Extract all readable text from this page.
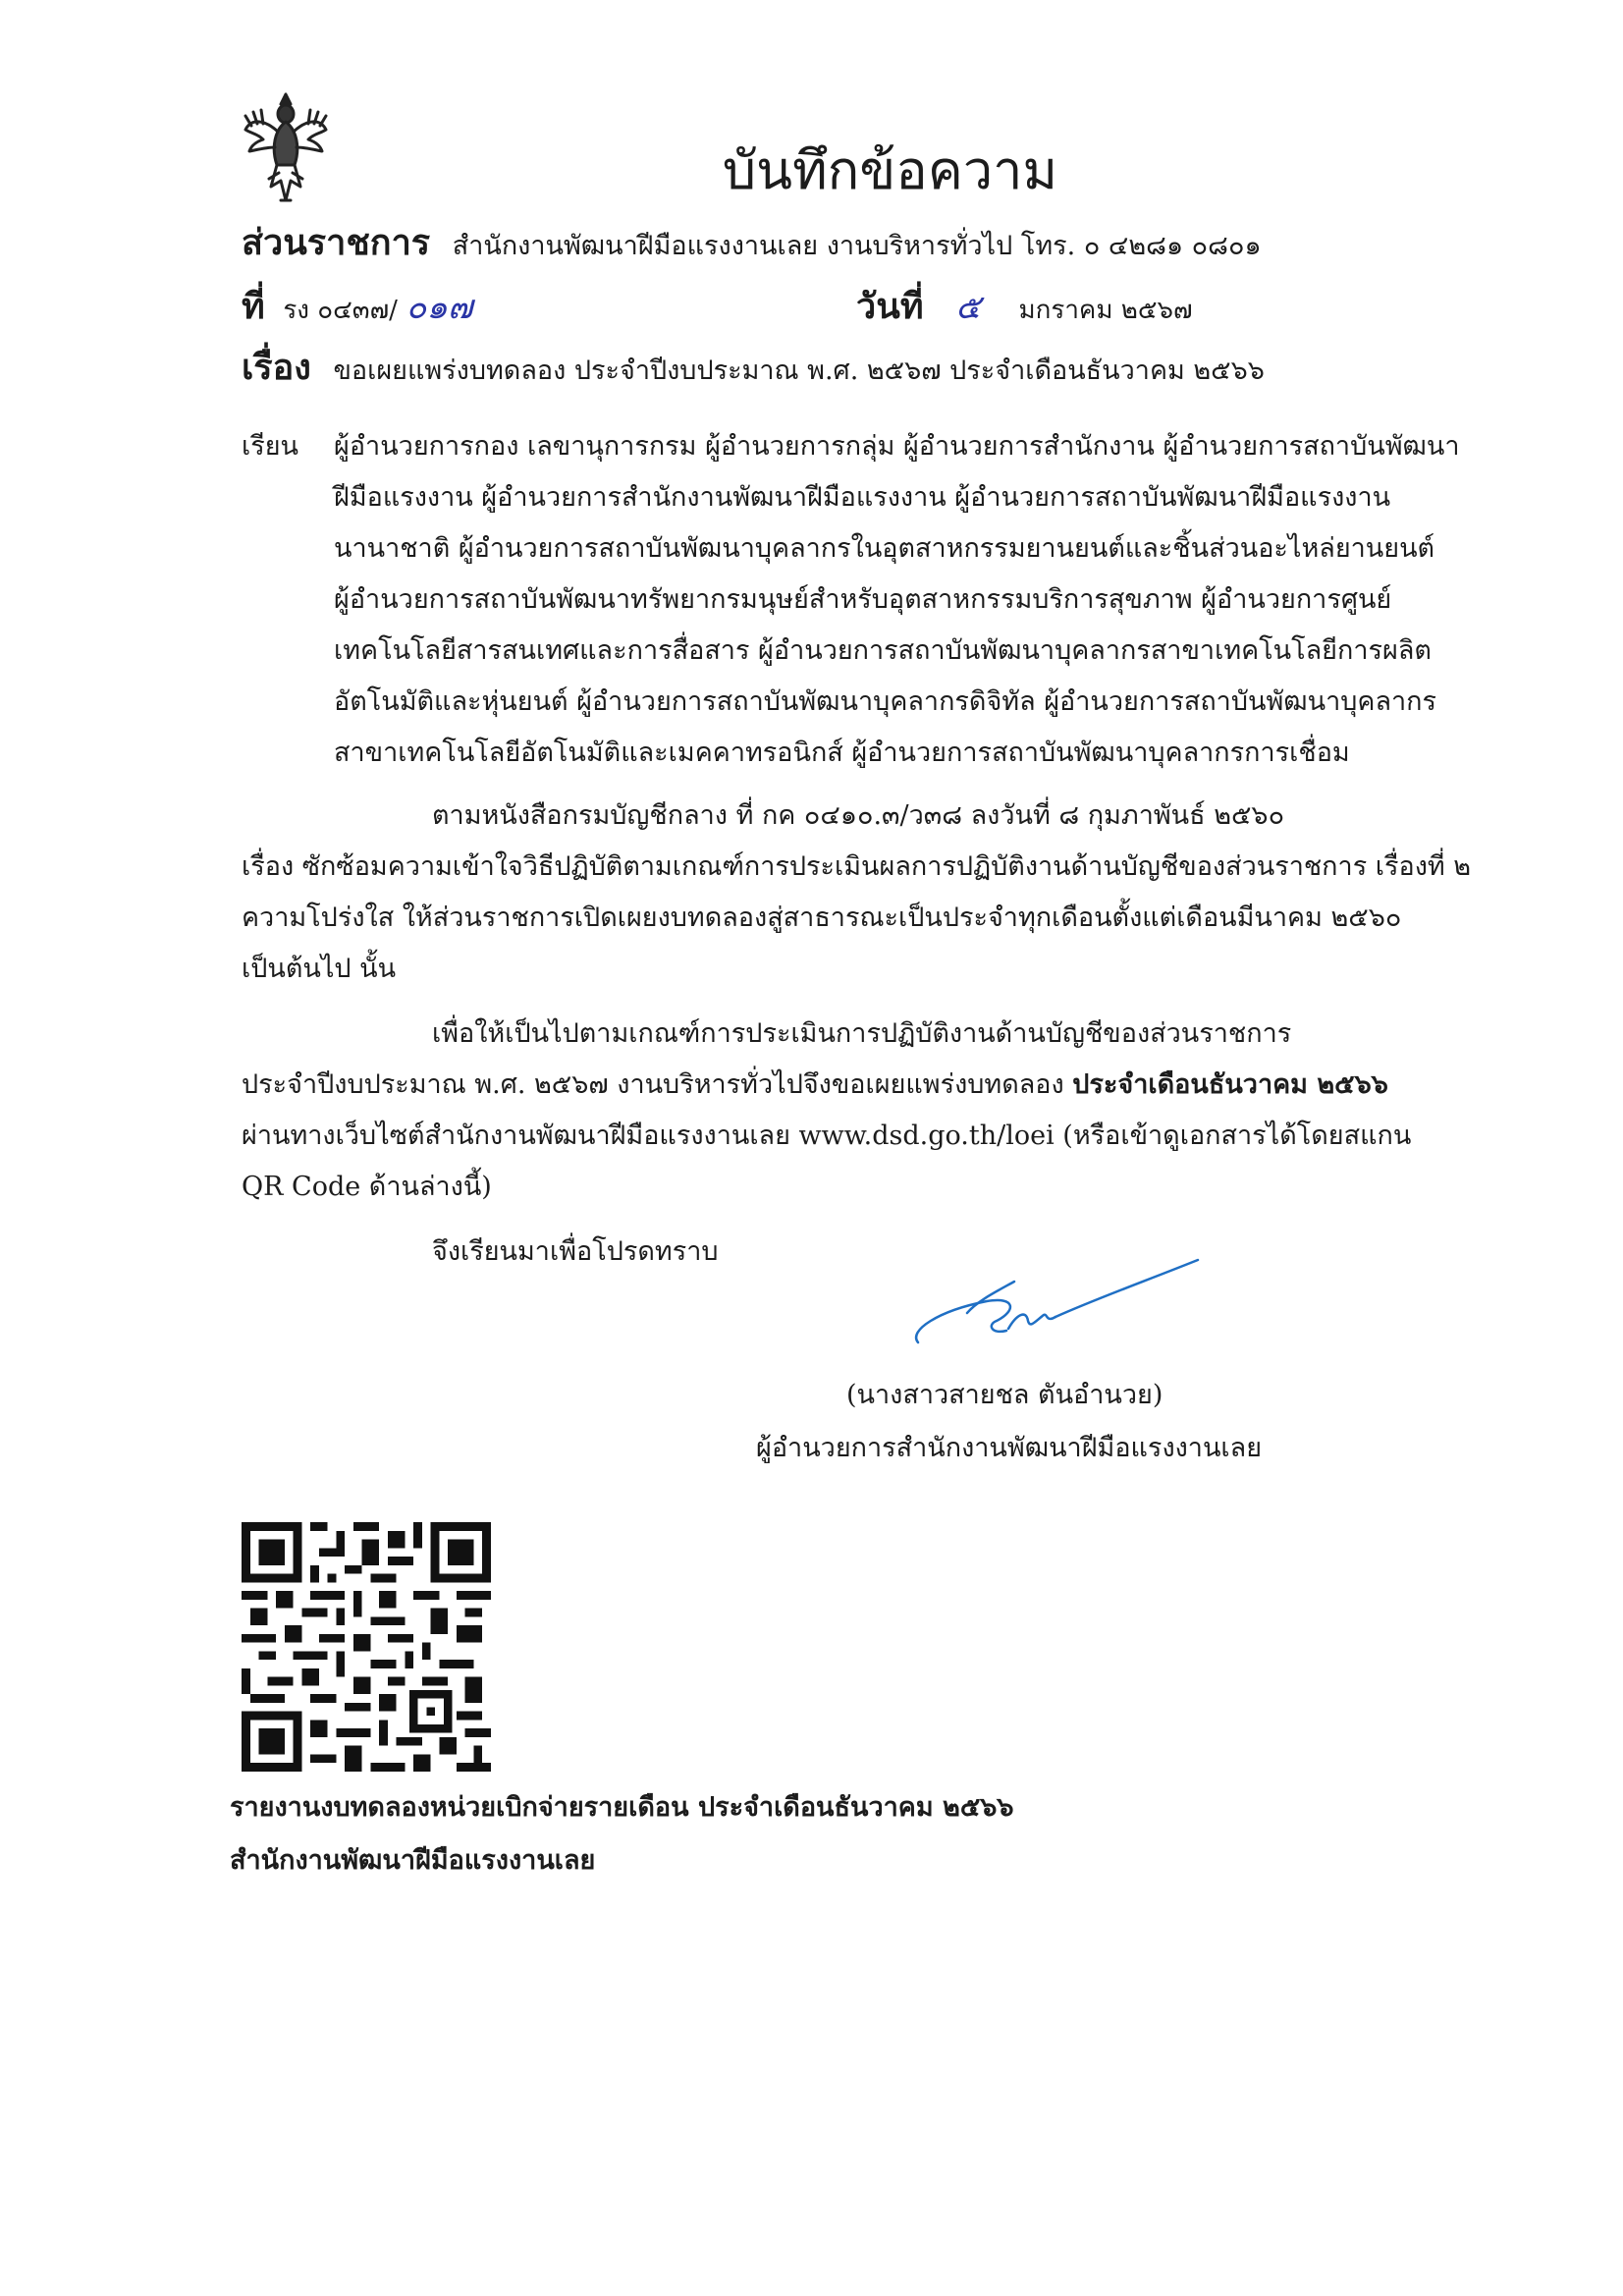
บันทึกข้อความ
ส่วนราชการ สำนักงานพัฒนาฝีมือแรงงานเลย งานบริหารทั่วไป โทร. ๐ ๔๒๘๑ ๐๘๐๑
ที่ รง ๐๔๓๗/ ๐๑๗	วันที่ ๕ มกราคม ๒๕๖๗
เรื่อง ขอเผยแพร่งบทดลอง ประจำปีงบประมาณ พ.ศ. ๒๕๖๗ ประจำเดือนธันวาคม ๒๕๖๖
เรียน ผู้อำนวยการกอง เลขานุการกรม ผู้อำนวยการกลุ่ม ผู้อำนวยการสำนักงาน ผู้อำนวยการสถาบันพัฒนา
ฝีมือแรงงาน ผู้อำนวยการสำนักงานพัฒนาฝีมือแรงงาน ผู้อำนวยการสถาบันพัฒนาฝีมือแรงงาน
นานาชาติ ผู้อำนวยการสถาบันพัฒนาบุคลากรในอุตสาหกรรมยานยนต์และชิ้นส่วนอะไหล่ยานยนต์
ผู้อำนวยการสถาบันพัฒนาทรัพยากรมนุษย์สำหรับอุตสาหกรรมบริการสุขภาพ ผู้อำนวยการศูนย์
เทคโนโลยีสารสนเทศและการสื่อสาร ผู้อำนวยการสถาบันพัฒนาบุคลากรสาขาเทคโนโลยีการผลิต
อัตโนมัติและหุ่นยนต์ ผู้อำนวยการสถาบันพัฒนาบุคลากรดิจิทัล ผู้อำนวยการสถาบันพัฒนาบุคลากร
สาขาเทคโนโลยีอัตโนมัติและเมคคาทรอนิกส์ ผู้อำนวยการสถาบันพัฒนาบุคลากรการเชื่อม
ตามหนังสือกรมบัญชีกลาง ที่ กค ๐๔๑๐.๓/ว๓๘ ลงวันที่ ๘ กุมภาพันธ์ ๒๕๖๐
เรื่อง ซักซ้อมความเข้าใจวิธีปฏิบัติตามเกณฑ์การประเมินผลการปฏิบัติงานด้านบัญชีของส่วนราชการ เรื่องที่ ๒
ความโปร่งใส ให้ส่วนราชการเปิดเผยงบทดลองสู่สาธารณะเป็นประจำทุกเดือนตั้งแต่เดือนมีนาคม ๒๕๖๐
เป็นต้นไป นั้น
เพื่อให้เป็นไปตามเกณฑ์การประเมินการปฏิบัติงานด้านบัญชีของส่วนราชการ
ประจำปีงบประมาณ พ.ศ. ๒๕๖๗ งานบริหารทั่วไปจึงขอเผยแพร่งบทดลอง ประจำเดือนธันวาคม ๒๕๖๖
ผ่านทางเว็บไซต์สำนักงานพัฒนาฝีมือแรงงานเลย www.dsd.go.th/loei (หรือเข้าดูเอกสารได้โดยสแกน
QR Code ด้านล่างนี้)
จึงเรียนมาเพื่อโปรดทราบ
(นางสาวสายชล ตันอำนวย)
ผู้อำนวยการสำนักงานพัฒนาฝีมือแรงงานเลย
รายงานงบทดลองหน่วยเบิกจ่ายรายเดือน ประจำเดือนธันวาคม ๒๕๖๖
สำนักงานพัฒนาฝีมือแรงงานเลย
